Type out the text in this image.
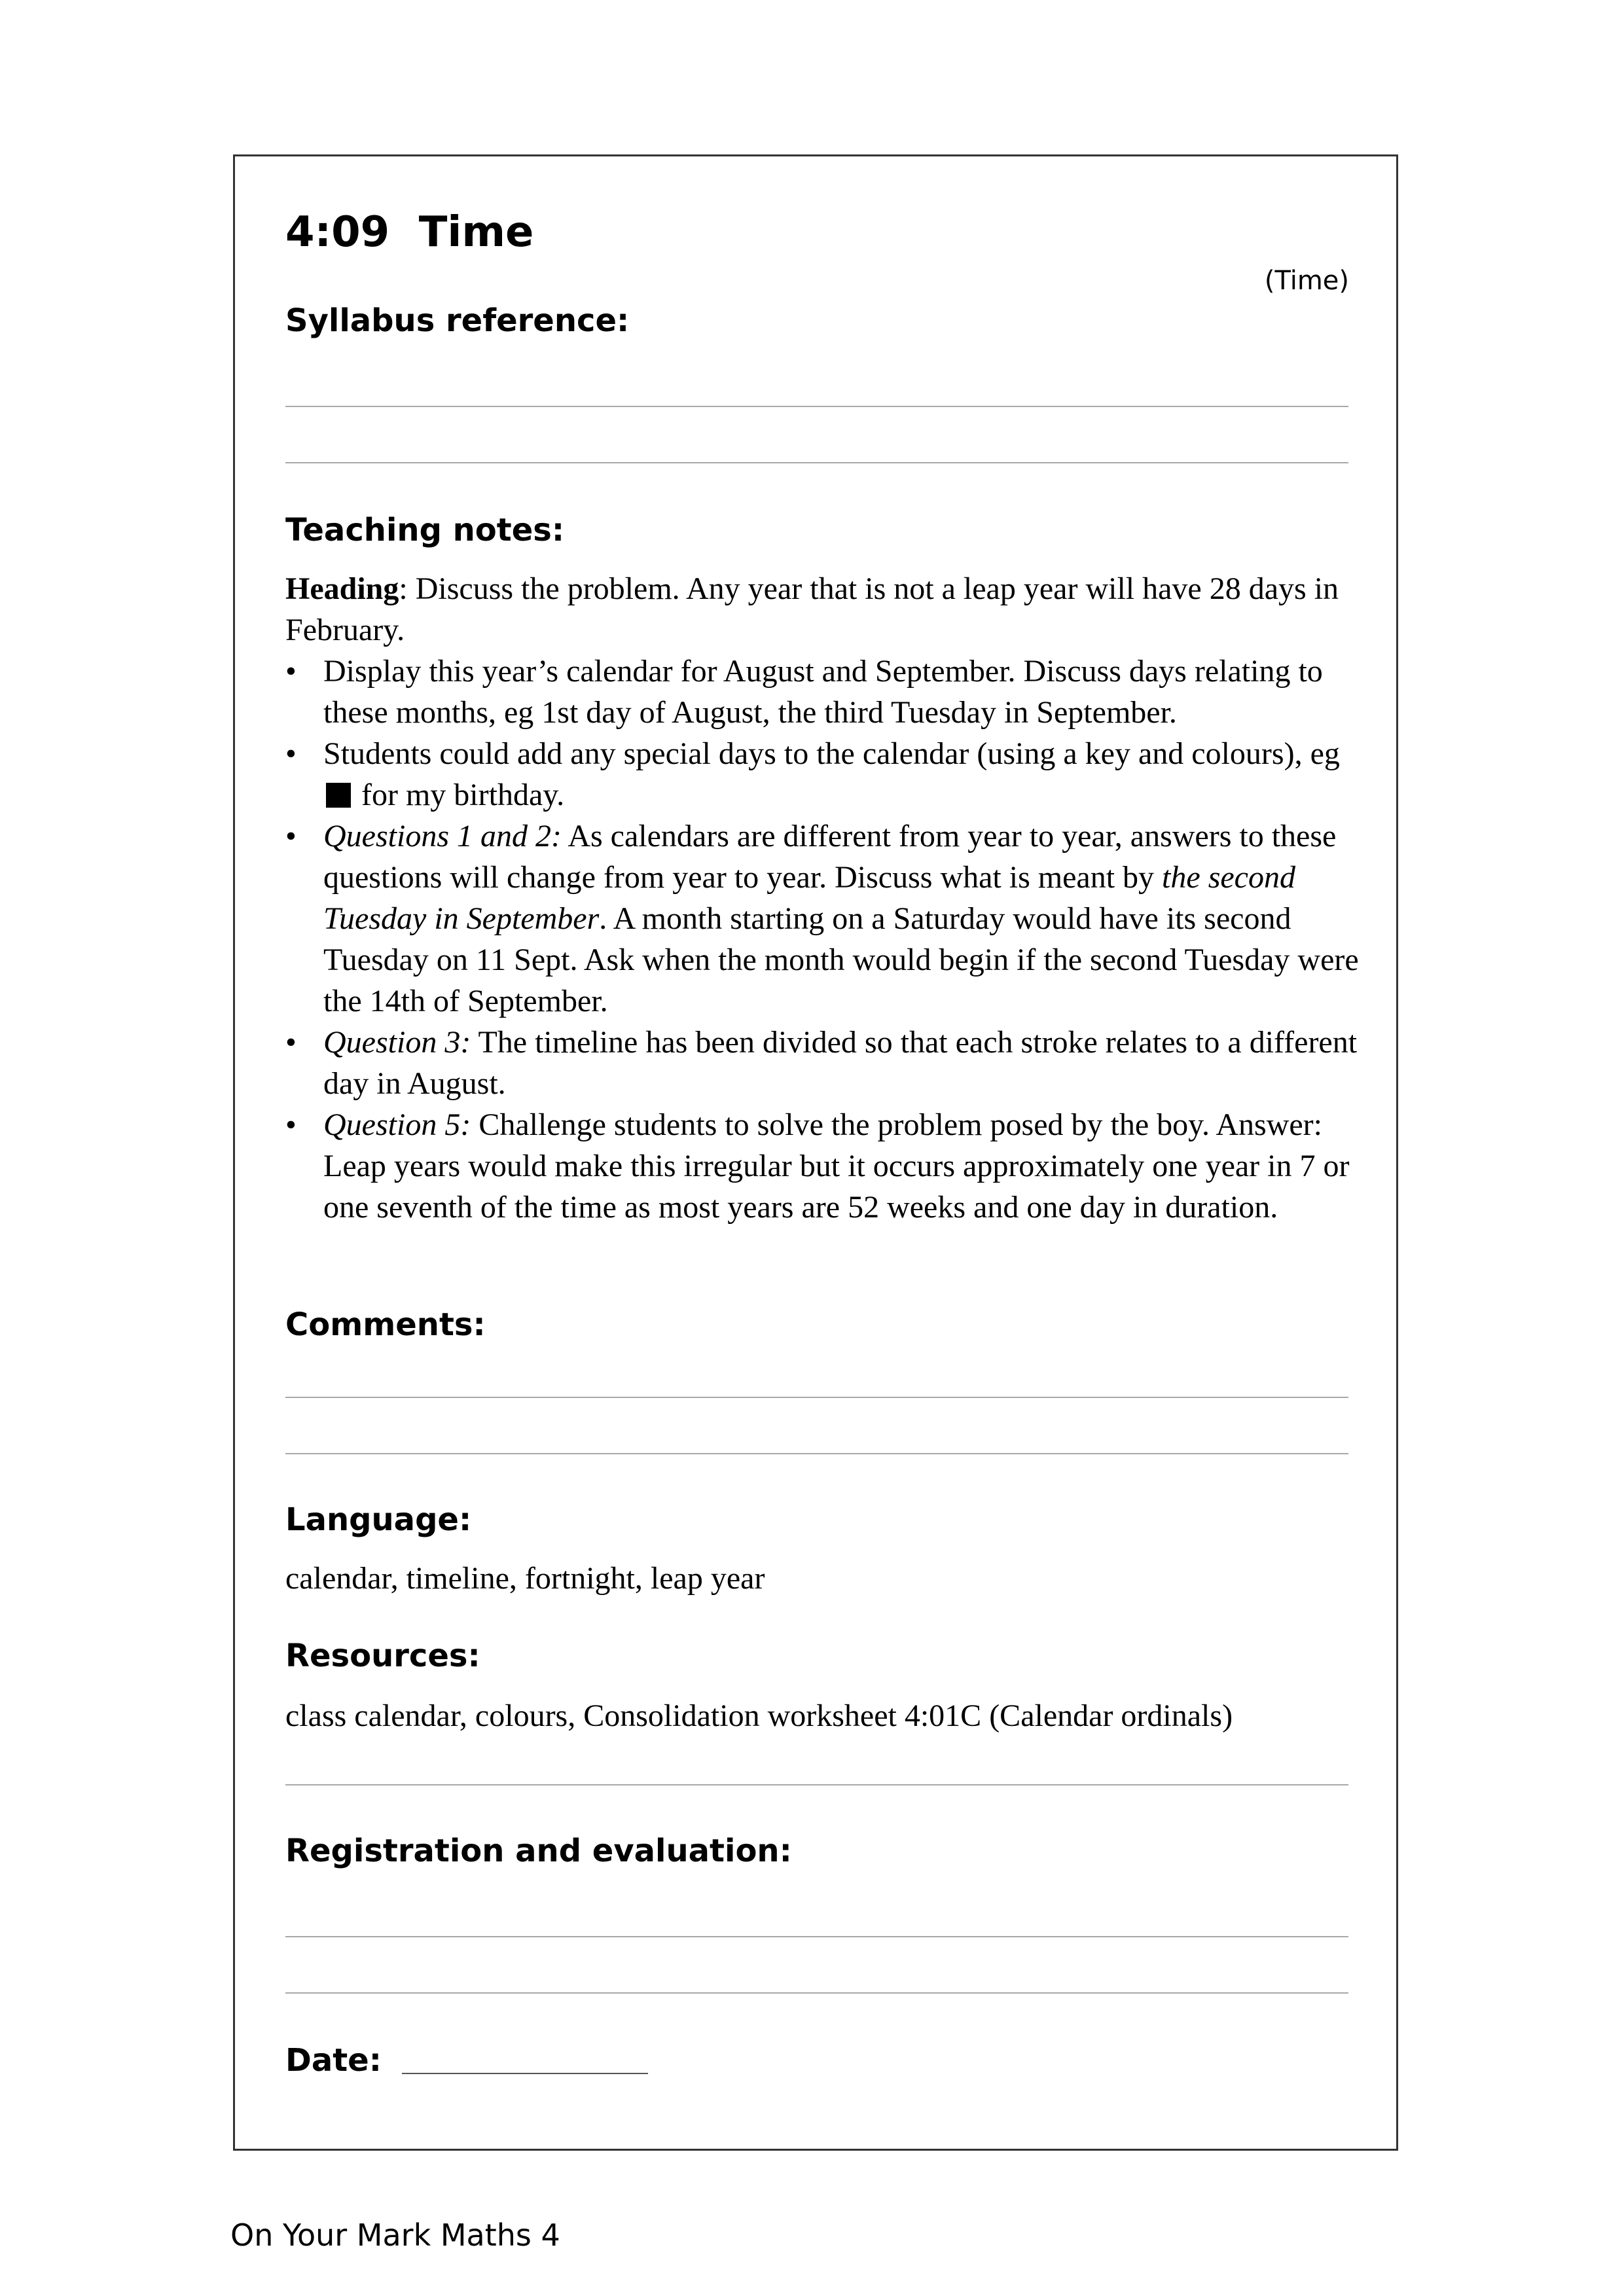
4:09  Time
(Time)
Syllabus reference:
Teaching notes:

Heading: Discuss the problem. Any year that is not a leap year will have 28 days in February.

• Display this year’s calendar for August and September. Discuss days relating to these months, eg 1st day of August, the third Tuesday in September.
• Students could add any special days to the calendar (using a key and colours), eg  for my birthday.
• Questions 1 and 2: As calendars are different from year to year, answers to these questions will change from year to year. Discuss what is meant by the second Tuesday in September. A month starting on a Saturday would have its second Tuesday on 11 Sept. Ask when the month would begin if the second Tuesday were the 14th of September.
• Question 3: The timeline has been divided so that each stroke relates to a different day in August.
• Question 5: Challenge students to solve the problem posed by the boy. Answer: Leap years would make this irregular but it occurs approximately one year in 7 or one seventh of the time as most years are 52 weeks and one day in duration.
Comments:
Language:
calendar, timeline, fortnight, leap year
Resources:
class calendar, colours, Consolidation worksheet 4:01C (Calendar ordinals)
Registration and evaluation:
Date:
On Your Mark Maths 4
